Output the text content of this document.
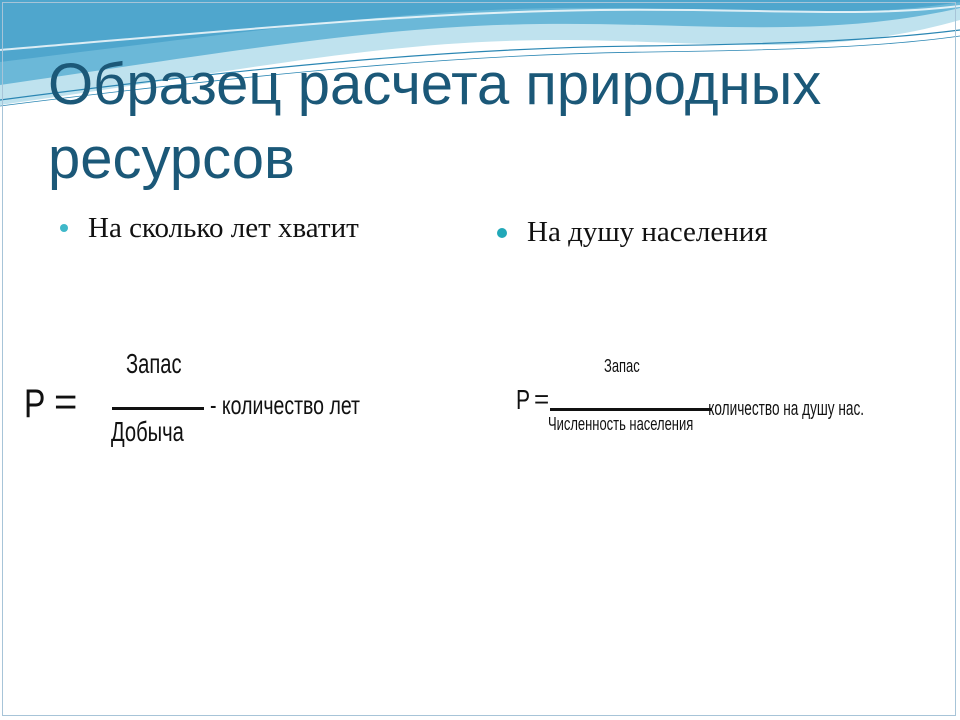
Образец расчета природных ресурсов
На сколько лет хватит	На душу населения
Р =
Запас
Добыча
- количество лет	Р =
Запас
Численность населения
- количество на душу нас.
